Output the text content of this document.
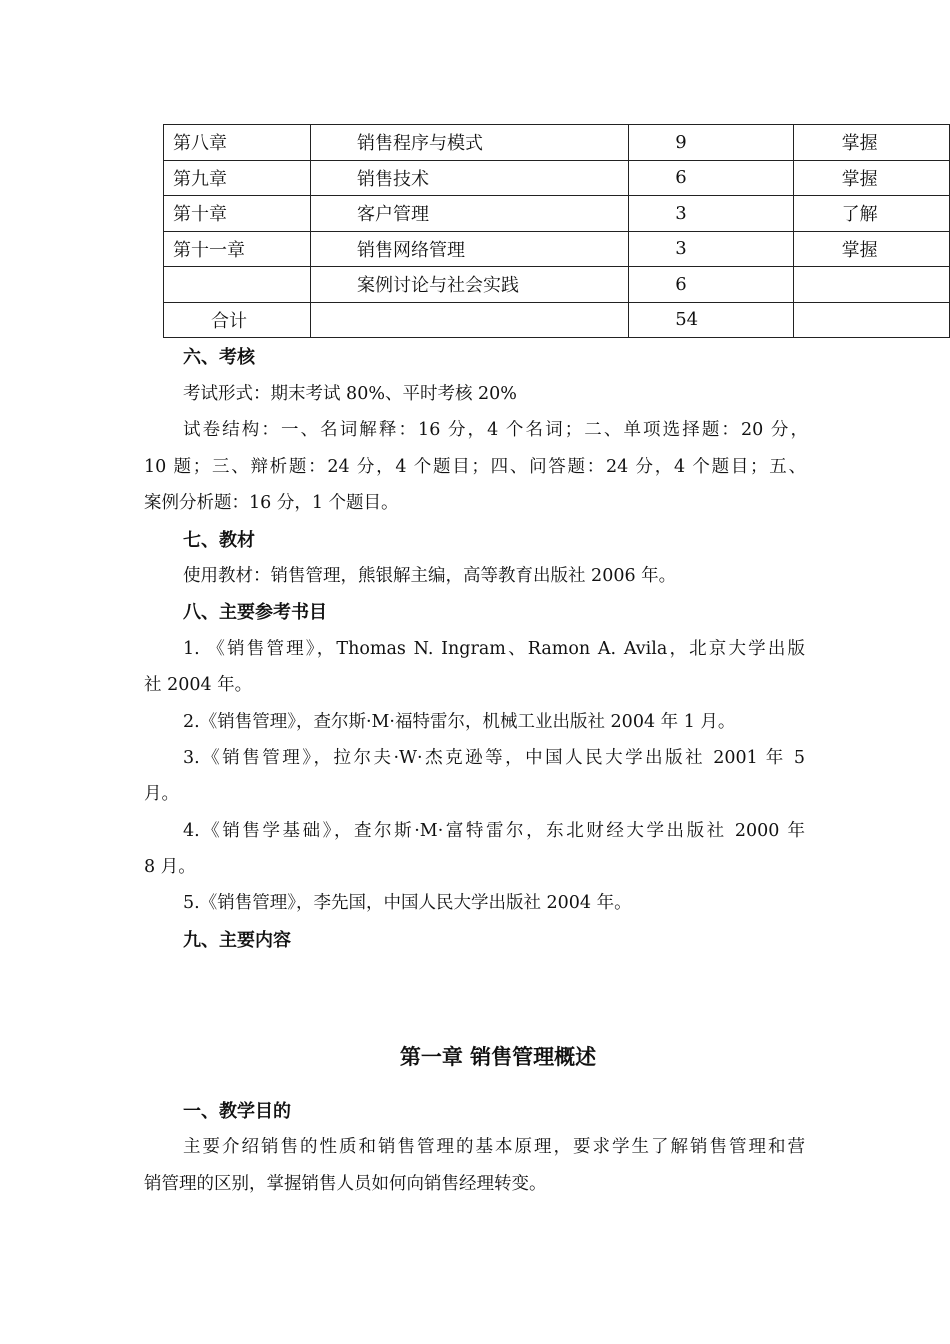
第八章	销售程序与模式	9	掌握
第九章	销售技术	6	掌握
第十章	客户管理	3	了解
第十一章	销售网络管理	3	掌握
	案例讨论与社会实践	6	
合计		54	
六、考核
考试形式：期末考试 80%、平时考核 20%
试卷结构：一、名词解释：16 分，4 个名词；二、单项选择题：20 分，
10 题；三、辩析题：24 分，4 个题目；四、问答题：24 分，4 个题目；五、
案例分析题：16 分，1 个题目。
七、教材
使用教材：销售管理，熊银解主编，高等教育出版社 2006 年。
八、主要参考书目
1. 《销售管理》，Thomas N. Ingram、Ramon A. Avila，北京大学出版
社 2004 年。
2.《销售管理》，查尔斯·M·福特雷尔，机械工业出版社 2004 年 1 月。
3.《销售管理》，拉尔夫·W·杰克逊等，中国人民大学出版社 2001 年 5
月。
4.《销售学基础》，查尔斯·M·富特雷尔，东北财经大学出版社 2000 年
8 月。
5.《销售管理》，李先国，中国人民大学出版社 2004 年。
九、主要内容
第一章 销售管理概述
一、教学目的
主要介绍销售的性质和销售管理的基本原理，要求学生了解销售管理和营
销管理的区别，掌握销售人员如何向销售经理转变。
